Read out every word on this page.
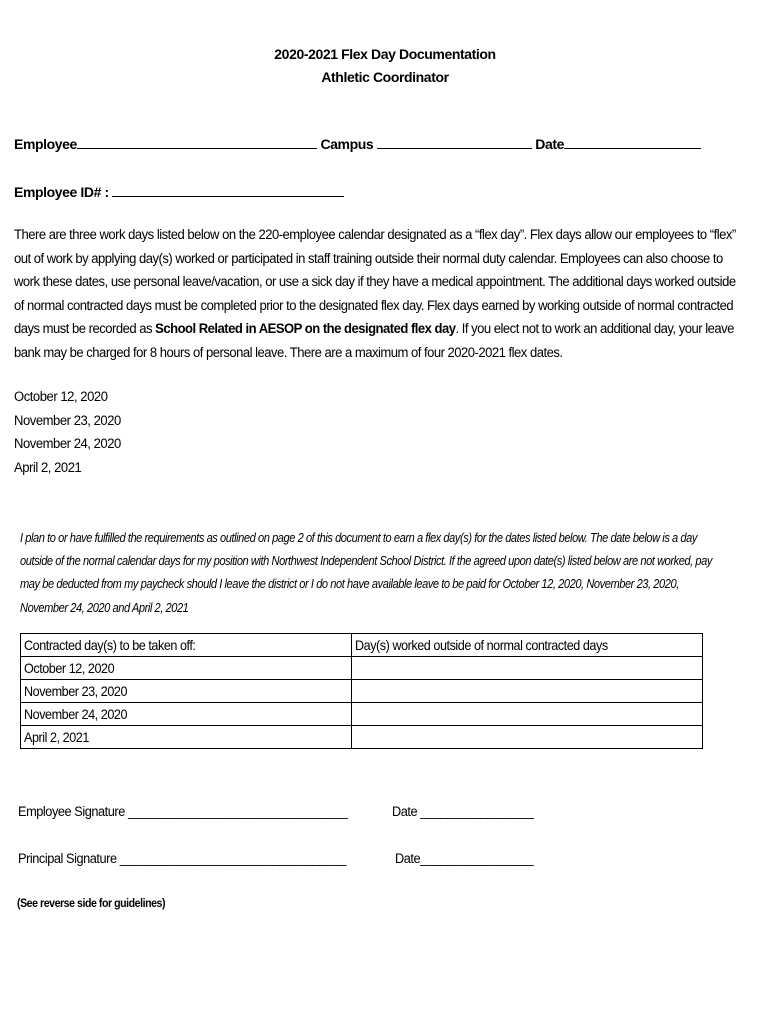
2020-2021 Flex Day Documentation
Athletic Coordinator
Employee	Campus	Date
Employee ID# :
There are three work days listed below on the 220-employee calendar designated as a “flex day”. Flex days allow our employees to “flex” out of work by applying day(s) worked or participated in staff training outside their normal duty calendar. Employees can also choose to work these dates, use personal leave/vacation, or use a sick day if they have a medical appointment. The additional days worked outside of normal contracted days must be completed prior to the designated flex day. Flex days earned by working outside of normal contracted days must be recorded as School Related in AESOP on the designated flex day. If you elect not to work an additional day, your leave bank may be charged for 8 hours of personal leave. There are a maximum of four 2020-2021 flex dates.
October 12, 2020
November 23, 2020
November 24, 2020
April 2, 2021
I plan to or have fulfilled the requirements as outlined on page 2 of this document to earn a flex day(s) for the dates listed below. The date below is a day outside of the normal calendar days for my position with Northwest Independent School District. If the agreed upon date(s) listed below are not worked, pay may be deducted from my paycheck should I leave the district or I do not have available leave to be paid for October 12, 2020, November 23, 2020, November 24, 2020 and April 2, 2021
Contracted day(s) to be taken off:	Day(s) worked outside of normal contracted days
October 12, 2020	
November 23, 2020	
November 24, 2020	
April 2, 2021	
Employee Signature _________________________________	Date _________________
Principal Signature __________________________________	Date_________________
(See reverse side for guidelines)
